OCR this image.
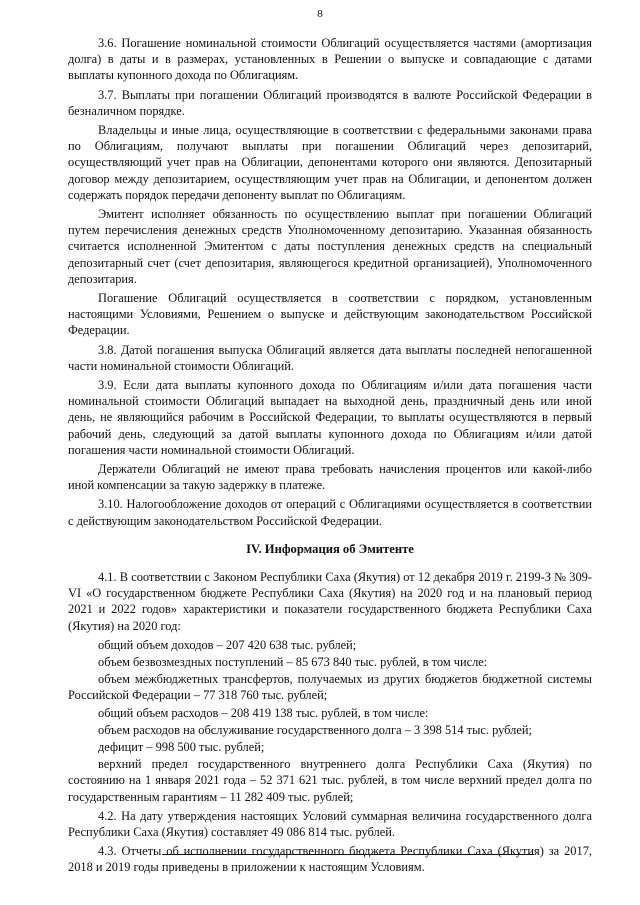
8

3.6. Погашение номинальной стоимости Облигаций осуществляется частями (амортизация долга) в даты и в размерах, установленных в Решении о выпуске и совпадающие с датами выплаты купонного дохода по Облигациям.

3.7. Выплаты при погашении Облигаций производятся в валюте Российской Федерации в безналичном порядке.

Владельцы и иные лица, осуществляющие в соответствии с федеральными законами права по Облигациям, получают выплаты при погашении Облигаций через депозитарий, осуществляющий учет прав на Облигации, депонентами которого они являются. Депозитарный договор между депозитарием, осуществляющим учет прав на Облигации, и депонентом должен содержать порядок передачи депоненту выплат по Облигациям.

Эмитент исполняет обязанность по осуществлению выплат при погашении Облигаций путем перечисления денежных средств Уполномоченному депозитарию. Указанная обязанность считается исполненной Эмитентом с даты поступления денежных средств на специальный депозитарный счет (счет депозитария, являющегося кредитной организацией), Уполномоченного депозитария.

Погашение Облигаций осуществляется в соответствии с порядком, установленным настоящими Условиями, Решением о выпуске и действующим законодательством Российской Федерации.

3.8. Датой погашения выпуска Облигаций является дата выплаты последней непогашенной части номинальной стоимости Облигаций.

3.9. Если дата выплаты купонного дохода по Облигациям и/или дата погашения части номинальной стоимости Облигаций выпадает на выходной день, праздничный день или иной день, не являющийся рабочим в Российской Федерации, то выплаты осуществляются в первый рабочий день, следующий за датой выплаты купонного дохода по Облигациям и/или датой погашения части номинальной стоимости Облигаций.

Держатели Облигаций не имеют права требовать начисления процентов или какой-либо иной компенсации за такую задержку в платеже.

3.10. Налогообложение доходов от операций с Облигациями осуществляется в соответствии с действующим законодательством Российской Федерации.

IV. Информация об Эмитенте

4.1. В соответствии с Законом Республики Саха (Якутия) от 12 декабря 2019 г. 2199-З № 309-VI «О государственном бюджете Республики Саха (Якутия) на 2020 год и на плановый период 2021 и 2022 годов» характеристики и показатели государственного бюджета Республики Саха (Якутия) на 2020 год:

общий объем доходов – 207 420 638 тыс. рублей;

объем безвозмездных поступлений – 85 673 840 тыс. рублей, в том числе:

объем межбюджетных трансфертов, получаемых из других бюджетов бюджетной системы Российской Федерации – 77 318 760 тыс. рублей;

общий объем расходов – 208 419 138 тыс. рублей, в том числе:

объем расходов на обслуживание государственного долга – 3 398 514 тыс. рублей;

дефицит – 998 500 тыс. рублей;

верхний предел государственного внутреннего долга Республики Саха (Якутия) по состоянию на 1 января 2021 года – 52 371 621 тыс. рублей, в том числе верхний предел долга по государственным гарантиям – 11 282 409 тыс. рублей;

4.2. На дату утверждения настоящих Условий суммарная величина государственного долга Республики Саха (Якутия) составляет 49 086 814 тыс. рублей.

4.3. Отчеты об исполнении государственного бюджета Республики Саха (Якутия) за 2017, 2018 и 2019 годы приведены в приложении к настоящим Условиям.
